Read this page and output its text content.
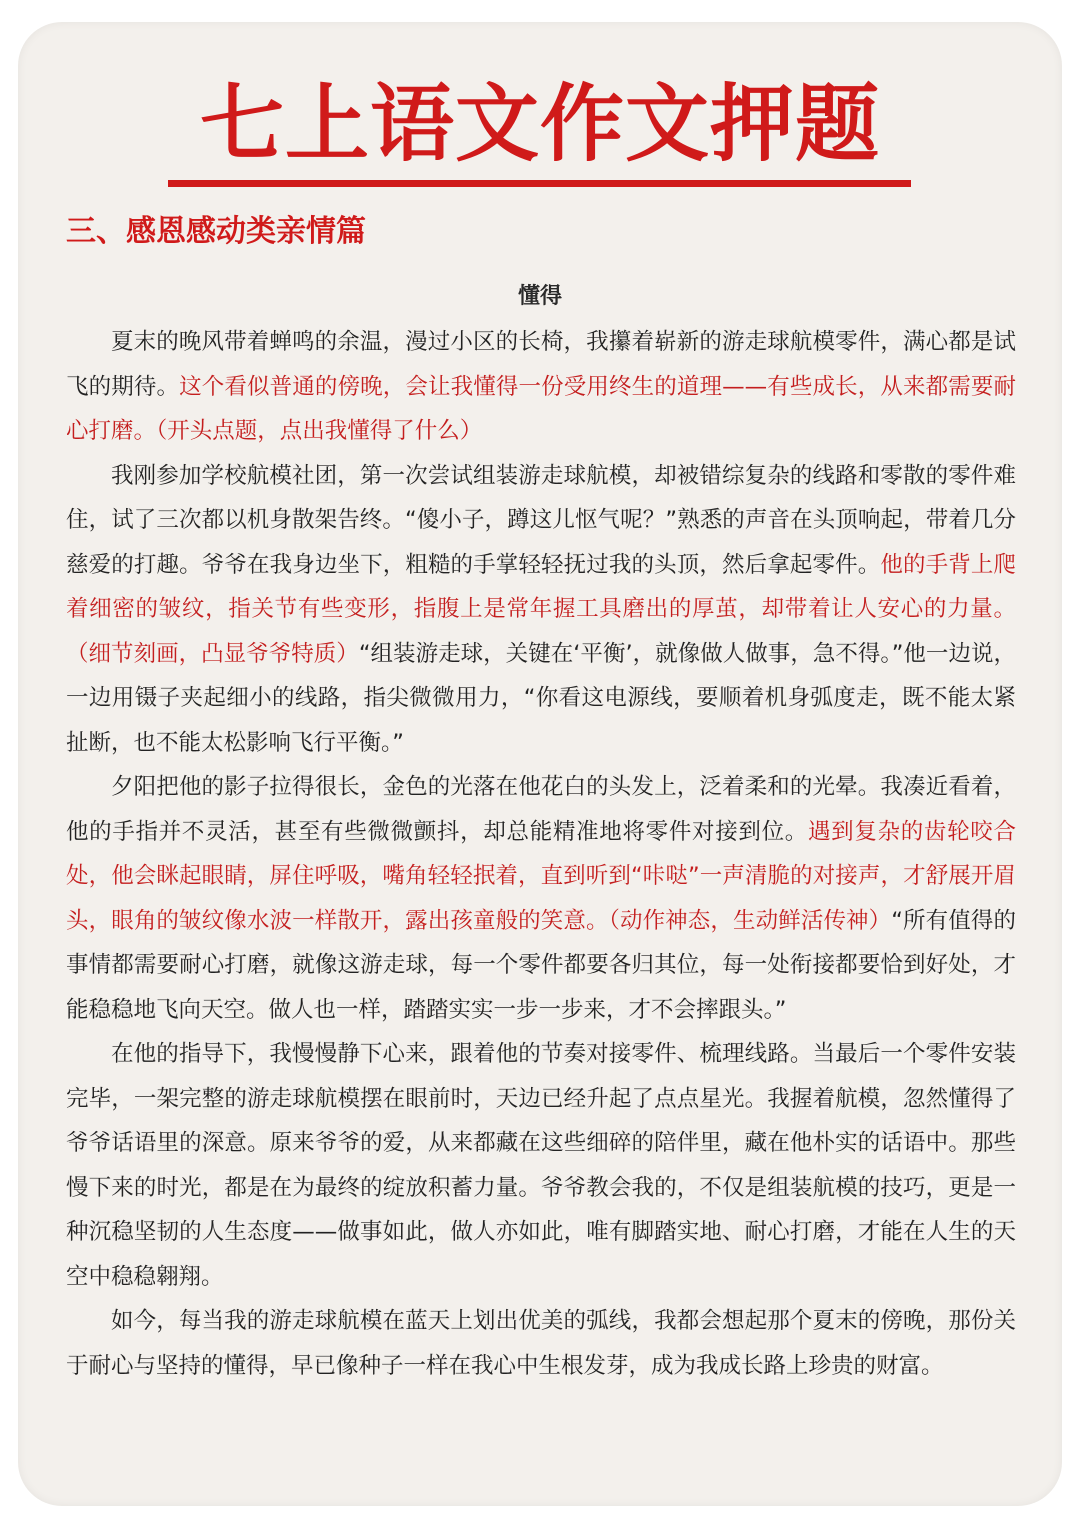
七上语文作文押题
三、感恩感动类亲情篇
懂得

夏末的晚风带着蝉鸣的余温，漫过小区的长椅，我攥着崭新的游走球航模零件，满心都是试飞的期待。这个看似普通的傍晚，会让我懂得一份受用终生的道理——有些成长，从来都需要耐心打磨。（开头点题，点出我懂得了什么）

我刚参加学校航模社团，第一次尝试组装游走球航模，却被错综复杂的线路和零散的零件难住，试了三次都以机身散架告终。“傻小子，蹲这儿怄气呢？”熟悉的声音在头顶响起，带着几分慈爱的打趣。爷爷在我身边坐下，粗糙的手掌轻轻抚过我的头顶，然后拿起零件。他的手背上爬着细密的皱纹，指关节有些变形，指腹上是常年握工具磨出的厚茧，却带着让人安心的力量。（细节刻画，凸显爷爷特质）“组装游走球，关键在‘平衡’，就像做人做事，急不得。”他一边说，一边用镊子夹起细小的线路，指尖微微用力，“你看这电源线，要顺着机身弧度走，既不能太紧扯断，也不能太松影响飞行平衡。”

夕阳把他的影子拉得很长，金色的光落在他花白的头发上，泛着柔和的光晕。我凑近看着，他的手指并不灵活，甚至有些微微颤抖，却总能精准地将零件对接到位。遇到复杂的齿轮咬合处，他会眯起眼睛，屏住呼吸，嘴角轻轻抿着，直到听到“咔哒”一声清脆的对接声，才舒展开眉头，眼角的皱纹像水波一样散开，露出孩童般的笑意。（动作神态，生动鲜活传神）“所有值得的事情都需要耐心打磨，就像这游走球，每一个零件都要各归其位，每一处衔接都要恰到好处，才能稳稳地飞向天空。做人也一样，踏踏实实一步一步来，才不会摔跟头。”

在他的指导下，我慢慢静下心来，跟着他的节奏对接零件、梳理线路。当最后一个零件安装完毕，一架完整的游走球航模摆在眼前时，天边已经升起了点点星光。我握着航模，忽然懂得了爷爷话语里的深意。原来爷爷的爱，从来都藏在这些细碎的陪伴里，藏在他朴实的话语中。那些慢下来的时光，都是在为最终的绽放积蓄力量。爷爷教会我的，不仅是组装航模的技巧，更是一种沉稳坚韧的人生态度——做事如此，做人亦如此，唯有脚踏实地、耐心打磨，才能在人生的天空中稳稳翱翔。

如今，每当我的游走球航模在蓝天上划出优美的弧线，我都会想起那个夏末的傍晚，那份关于耐心与坚持的懂得，早已像种子一样在我心中生根发芽，成为我成长路上珍贵的财富。
